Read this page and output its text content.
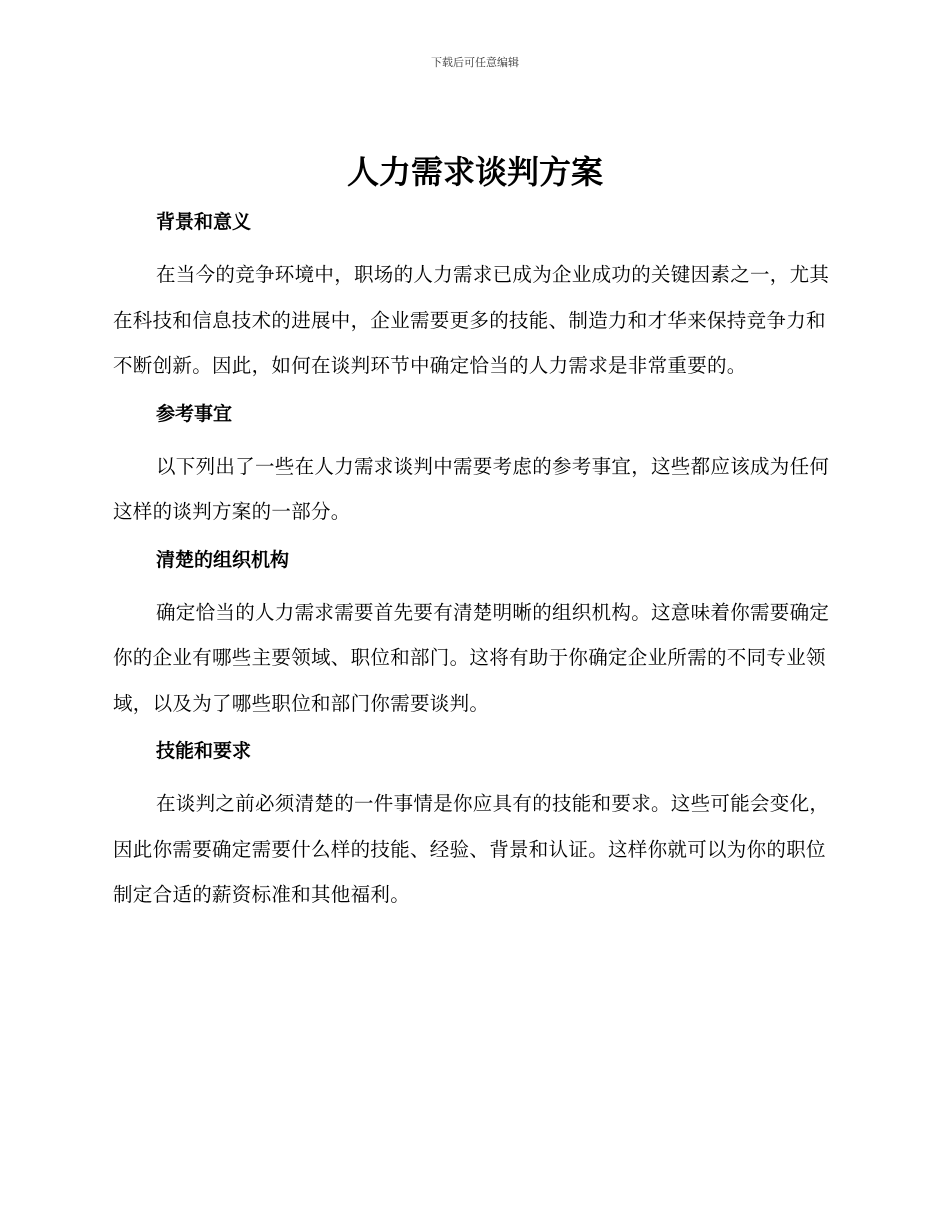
下载后可任意编辑
人力需求谈判方案
背景和意义

在当今的竞争环境中，职场的人力需求已成为企业成功的关键因素之一，尤其在科技和信息技术的进展中，企业需要更多的技能、制造力和才华来保持竞争力和不断创新。因此，如何在谈判环节中确定恰当的人力需求是非常重要的。

参考事宜

以下列出了一些在人力需求谈判中需要考虑的参考事宜，这些都应该成为任何这样的谈判方案的一部分。

清楚的组织机构

确定恰当的人力需求需要首先要有清楚明晰的组织机构。这意味着你需要确定你的企业有哪些主要领域、职位和部门。这将有助于你确定企业所需的不同专业领域，以及为了哪些职位和部门你需要谈判。

技能和要求

在谈判之前必须清楚的一件事情是你应具有的技能和要求。这些可能会变化，因此你需要确定需要什么样的技能、经验、背景和认证。这样你就可以为你的职位制定合适的薪资标准和其他福利。
